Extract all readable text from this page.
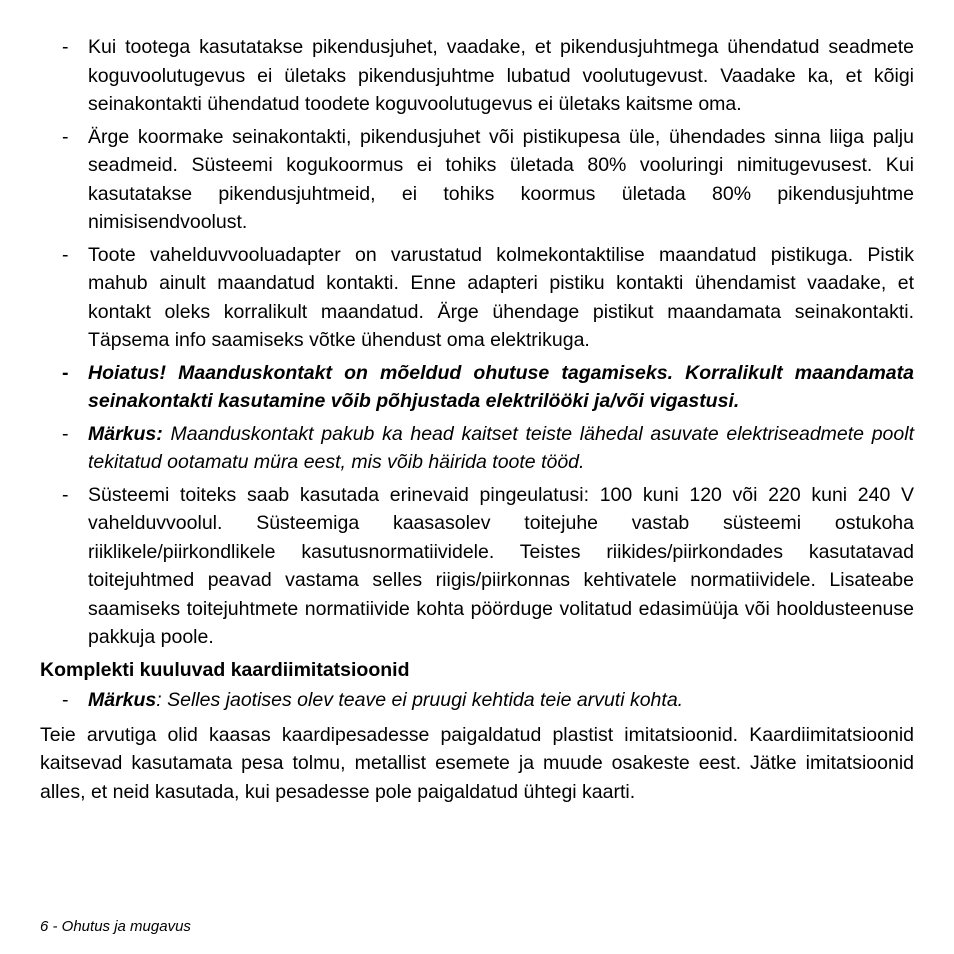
- Kui tootega kasutatakse pikendusjuhet, vaadake, et pikendusjuhtmega ühendatud seadmete koguvoolutugevus ei ületaks pikendusjuhtme lubatud voolutugevust. Vaadake ka, et kõigi seinakontakti ühendatud toodete koguvoolutugevus ei ületaks kaitsme oma.
- Ärge koormake seinakontakti, pikendusjuhet või pistikupesa üle, ühendades sinna liiga palju seadmeid. Süsteemi kogukoormus ei tohiks ületada 80% vooluringi nimitugevusest. Kui kasutatakse pikendusjuhtmeid, ei tohiks koormus ületada 80% pikendusjuhtme nimisisendvoolust.
- Toote vahelduvvooluadapter on varustatud kolmekontaktilise maandatud pistikuga. Pistik mahub ainult maandatud kontakti. Enne adapteri pistiku kontakti ühendamist vaadake, et kontakt oleks korralikult maandatud. Ärge ühendage pistikut maandamata seinakontakti. Täpsema info saamiseks võtke ühendust oma elektrikuga.
- Hoiatus! Maanduskontakt on mõeldud ohutuse tagamiseks. Korralikult maandamata seinakontakti kasutamine võib põhjustada elektrilööki ja/või vigastusi.
- Märkus: Maanduskontakt pakub ka head kaitset teiste lähedal asuvate elektriseadmete poolt tekitatud ootamatu müra eest, mis võib häirida toote tööd.
- Süsteemi toiteks saab kasutada erinevaid pingeulatusi: 100 kuni 120 või 220 kuni 240 V vahelduvvoolul. Süsteemiga kaasasolev toitejuhe vastab süsteemi ostukoha riiklikele/piirkondlikele kasutusnormatiividele. Teistes riikides/piirkondades kasutatavad toitejuhtmed peavad vastama selles riigis/piirkonnas kehtivatele normatiividele. Lisateabe saamiseks toitejuhtmete normatiivide kohta pöörduge volitatud edasimüüja või hooldusteenuse pakkuja poole.
Komplekti kuuluvad kaardiimitatsioonid
- Märkus: Selles jaotises olev teave ei pruugi kehtida teie arvuti kohta.

Teie arvutiga olid kaasas kaardipesadesse paigaldatud plastist imitatsioonid. Kaardiimitatsioonid kaitsevad kasutamata pesa tolmu, metallist esemete ja muude osakeste eest. Jätke imitatsioonid alles, et neid kasutada, kui pesadesse pole paigaldatud ühtegi kaarti.

6 - Ohutus ja mugavus
